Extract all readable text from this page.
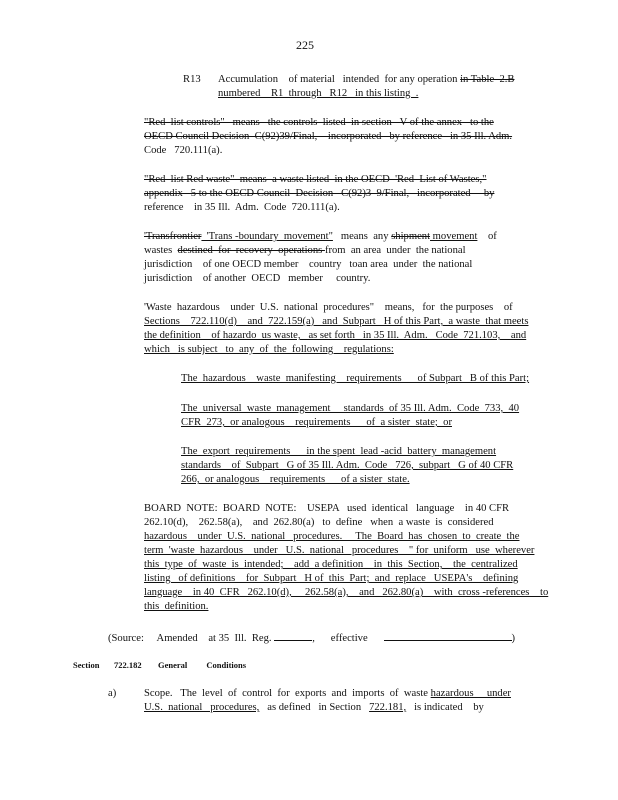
225
R13 Accumulation    of material   intended  for any operation in Table  2.B
numbered    R1  through   R12   in this listing  .
"Red  list controls"   means   the controls  listed  in section   V of the annex   to the
OECD Council Decision  C(92)39/Final,    incorporated   by reference   in 35 Ill. Adm.
Code   720.111(a).
"Red  list Red waste"  means  a waste listed  in the OECD  'Red  List of Wastes,"
appendix   5 to the OECD Council  Decision   C(92)3  9/Final,   incorporated     by
reference    in 35 Ill.  Adm.  Code  720.111(a).
'Transfrontier  'Trans -boundary  movement"   means  any shipment movement    of
wastes  destined  for  recovery  operations from  an area  under  the national
jurisdiction    of one OECD member    country   toan area  under  the national
jurisdiction    of another  OECD   member     country.
'Waste  hazardous    under  U.S.  national  procedures"    means,   for  the purposes    of
Sections    722.110(d)    and  722.159(a)   and  Subpart   H of this Part,  a waste  that meets
the definition    of hazardo  us waste,   as set forth   in 35 Ill.  Adm.   Code  721.103,    and
which   is subject   to  any  of  the  following    regulations:
The  hazardous    waste  manifesting    requirements      of Subpart   B of this Part;
The  universal  waste  management     standards  of 35 Ill. Adm.  Code  733,  40
CFR  273,  or analogous    requirements      of  a sister  state;  or
The  export  requirements      in the spent  lead -acid  battery  management
standards    of  Subpart   G of 35 Ill. Adm.  Code   726,  subpart   G of 40 CFR
266,  or analogous    requirements      of a sister  state.
BOARD  NOTE:  BOARD  NOTE:    USEPA   used  identical   language    in 40 CFR
262.10(d),    262.58(a),    and  262.80(a)   to  define   when  a waste  is  considered
hazardous    under  U.S.  national   procedures.     The  Board  has  chosen  to  create  the
term  'waste  hazardous    under   U.S.  national   procedures    " for  uniform   use  wherever
this  type  of  waste  is  intended;    add  a definition    in  this  Section,    the  centralized
listing   of definitions    for  Subpart   H of  this  Part;  and  replace   USEPA's    defining
language    in 40  CFR   262.10(d),     262.58(a),    and   262.80(a)    with  cross -references    to
this  definition.
(Source:     Amended    at 35  Ill.  Reg.	, effective	)
Section 722.182 General         Conditions
a)	Scope.   The  level  of  control  for  exports  and  imports  of  waste hazardous     under
U.S.  national   procedures,   as defined   in Section   722.181,   is indicated    by
